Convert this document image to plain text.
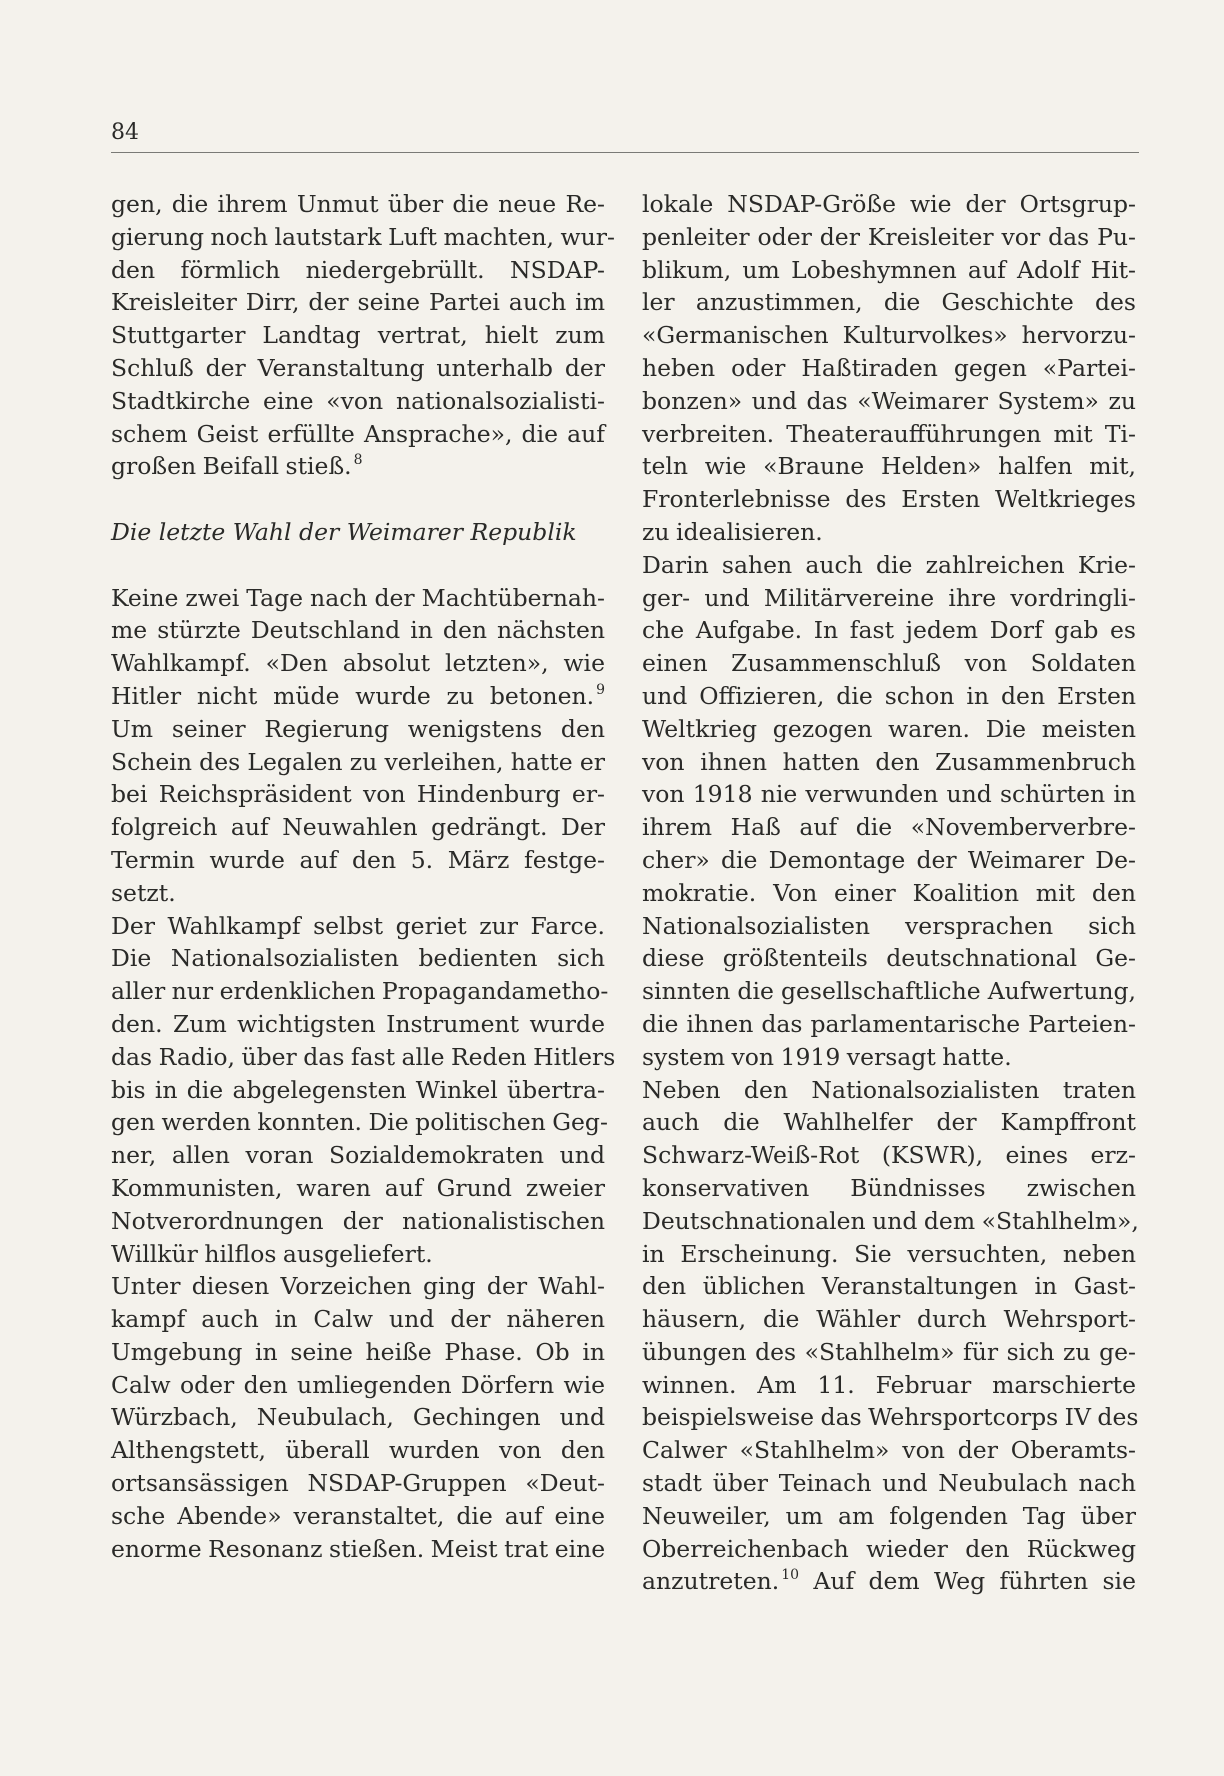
84
gen, die ihrem Unmut über die neue Re-
gierung noch lautstark Luft machten, wur-
den förmlich niedergebrüllt. NSDAP-
Kreisleiter Dirr, der seine Partei auch im
Stuttgarter Landtag vertrat, hielt zum
Schluß der Veranstaltung unterhalb der
Stadtkirche eine «von nationalsozialisti-
schem Geist erfüllte Ansprache», die auf
großen Beifall stieß. $^8$
Die letzte Wahl der Weimarer Republik
Keine zwei Tage nach der Machtübernah-
me stürzte Deutschland in den nächsten
Wahlkampf. «Den absolut letzten», wie
Hitler nicht müde wurde zu betonen. $^9$
Um seiner Regierung wenigstens den
Schein des Legalen zu verleihen, hatte er
bei Reichspräsident von Hindenburg er-
folgreich auf Neuwahlen gedrängt. Der
Termin wurde auf den 5. März festge-
setzt.
Der Wahlkampf selbst geriet zur Farce.
Die Nationalsozialisten bedienten sich
aller nur erdenklichen Propagandametho-
den. Zum wichtigsten Instrument wurde
das Radio, über das fast alle Reden Hitlers
bis in die abgelegensten Winkel übertra-
gen werden konnten. Die politischen Geg-
ner, allen voran Sozialdemokraten und
Kommunisten, waren auf Grund zweier
Notverordnungen der nationalistischen
Willkür hilflos ausgeliefert.
Unter diesen Vorzeichen ging der Wahl-
kampf auch in Calw und der näheren
Umgebung in seine heiße Phase. Ob in
Calw oder den umliegenden Dörfern wie
Würzbach, Neubulach, Gechingen und
Althengstett, überall wurden von den
ortsansässigen NSDAP-Gruppen «Deut-
sche Abende» veranstaltet, die auf eine
enorme Resonanz stießen. Meist trat eine
lokale NSDAP-Größe wie der Ortsgrup-
penleiter oder der Kreisleiter vor das Pu-
blikum, um Lobeshymnen auf Adolf Hit-
ler anzustimmen, die Geschichte des
«Germanischen Kulturvolkes» hervorzu-
heben oder Haßtiraden gegen «Partei-
bonzen» und das «Weimarer System» zu
verbreiten. Theateraufführungen mit Ti-
teln wie «Braune Helden» halfen mit,
Fronterlebnisse des Ersten Weltkrieges
zu idealisieren.
Darin sahen auch die zahlreichen Krie-
ger- und Militärvereine ihre vordringli-
che Aufgabe. In fast jedem Dorf gab es
einen Zusammenschluß von Soldaten
und Offizieren, die schon in den Ersten
Weltkrieg gezogen waren. Die meisten
von ihnen hatten den Zusammenbruch
von 1918 nie verwunden und schürten in
ihrem Haß auf die «Novemberverbre-
cher» die Demontage der Weimarer De-
mokratie. Von einer Koalition mit den
Nationalsozialisten versprachen sich
diese größtenteils deutschnational Ge-
sinnten die gesellschaftliche Aufwertung,
die ihnen das parlamentarische Parteien-
system von 1919 versagt hatte.
Neben den Nationalsozialisten traten
auch die Wahlhelfer der Kampffront
Schwarz-Weiß-Rot (KSWR), eines erz-
konservativen Bündnisses zwischen
Deutschnationalen und dem «Stahlhelm»,
in Erscheinung. Sie versuchten, neben
den üblichen Veranstaltungen in Gast-
häusern, die Wähler durch Wehrsport-
übungen des «Stahlhelm» für sich zu ge-
winnen. Am 11. Februar marschierte
beispielsweise das Wehrsportcorps IV des
Calwer «Stahlhelm» von der Oberamts-
stadt über Teinach und Neubulach nach
Neuweiler, um am folgenden Tag über
Oberreichenbach wieder den Rückweg
anzutreten. $^{10}$ Auf dem Weg führten sie
